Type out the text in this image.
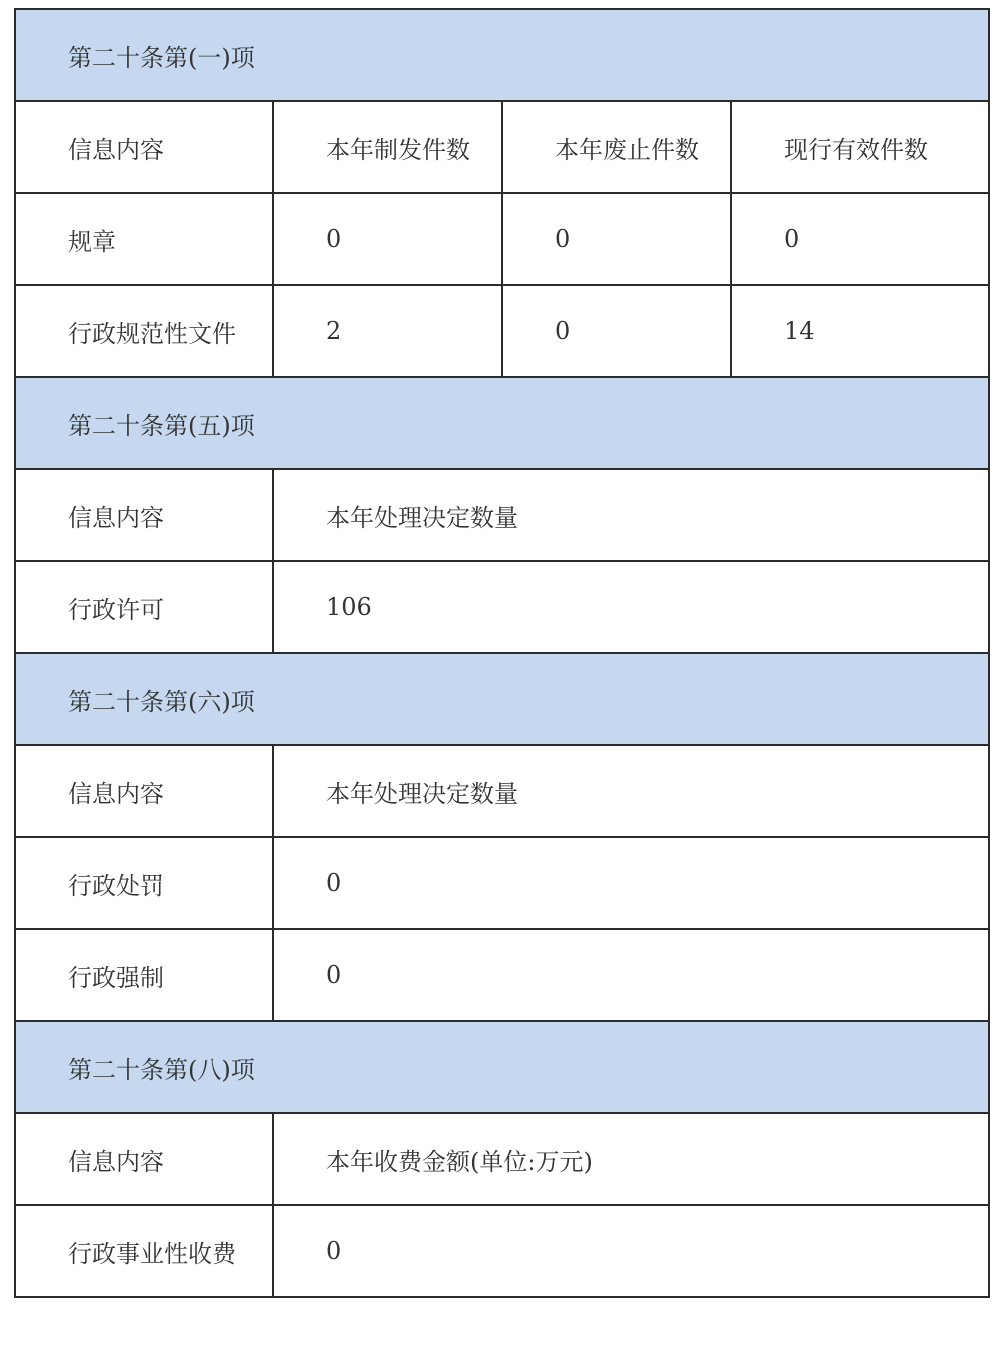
第二十条第(一)项			
信息内容	本年制发件数	本年废止件数	现行有效件数
规章	0	0	0
行政规范性文件	2	0	14
第二十条第(五)项			
信息内容	本年处理决定数量		
行政许可	106		
第二十条第(六)项			
信息内容	本年处理决定数量		
行政处罚	0		
行政强制	0		
第二十条第(八)项			
信息内容	本年收费金额(单位:万元)		
行政事业性收费	0		
